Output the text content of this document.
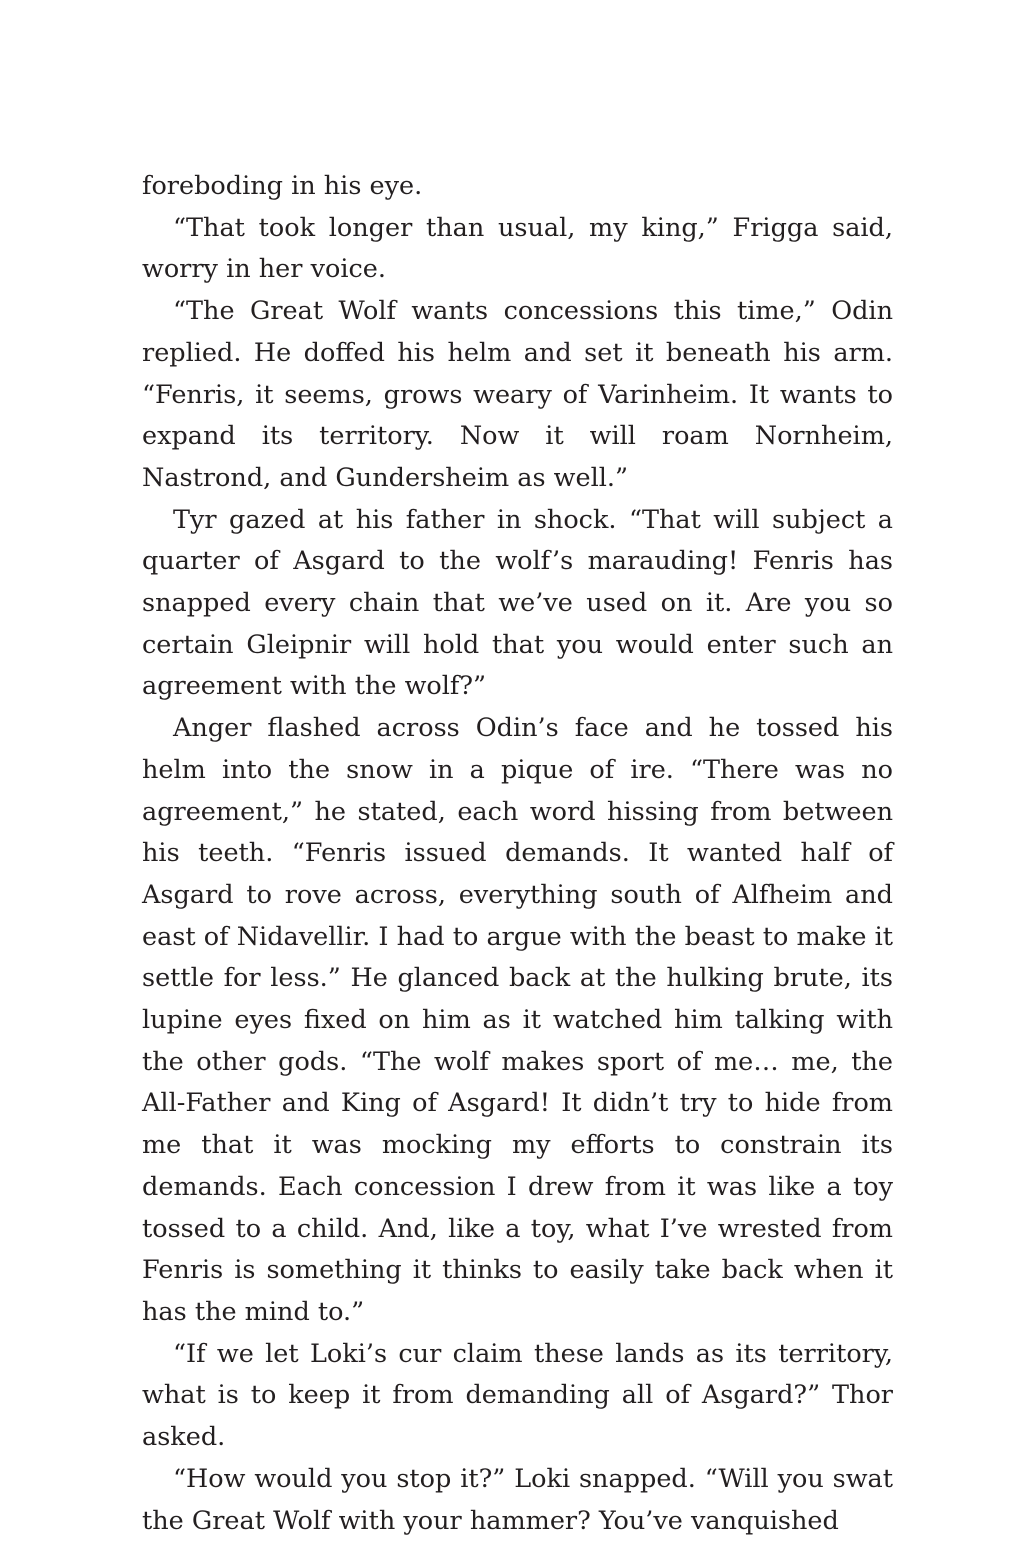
foreboding in his eye.

“That took longer than usual, my king,” Frigga said, worry in her voice.

“The Great Wolf wants concessions this time,” Odin replied. He doffed his helm and set it beneath his arm. “Fenris, it seems, grows weary of Varinheim. It wants to expand its territory. Now it will roam Nornheim, Nastrond, and Gundersheim as well.”

Tyr gazed at his father in shock. “That will subject a quarter of Asgard to the wolf’s marauding! Fenris has snapped every chain that we’ve used on it. Are you so certain Gleipnir will hold that you would enter such an agreement with the wolf?”

Anger flashed across Odin’s face and he tossed his helm into the snow in a pique of ire. “There was no agreement,” he stated, each word hissing from between his teeth. “Fenris issued demands. It wanted half of Asgard to rove across, everything south of Alfheim and east of Nidavellir. I had to argue with the beast to make it settle for less.” He glanced back at the hulking brute, its lupine eyes fixed on him as it watched him talking with the other gods. “The wolf makes sport of me… me, the All-Father and King of Asgard! It didn’t try to hide from me that it was mocking my efforts to constrain its demands. Each concession I drew from it was like a toy tossed to a child. And, like a toy, what I’ve wrested from Fenris is something it thinks to easily take back when it has the mind to.”

“If we let Loki’s cur claim these lands as its territory, what is to keep it from demanding all of Asgard?” Thor asked.

“How would you stop it?” Loki snapped. “Will you swat the Great Wolf with your hammer? You’ve vanquished
